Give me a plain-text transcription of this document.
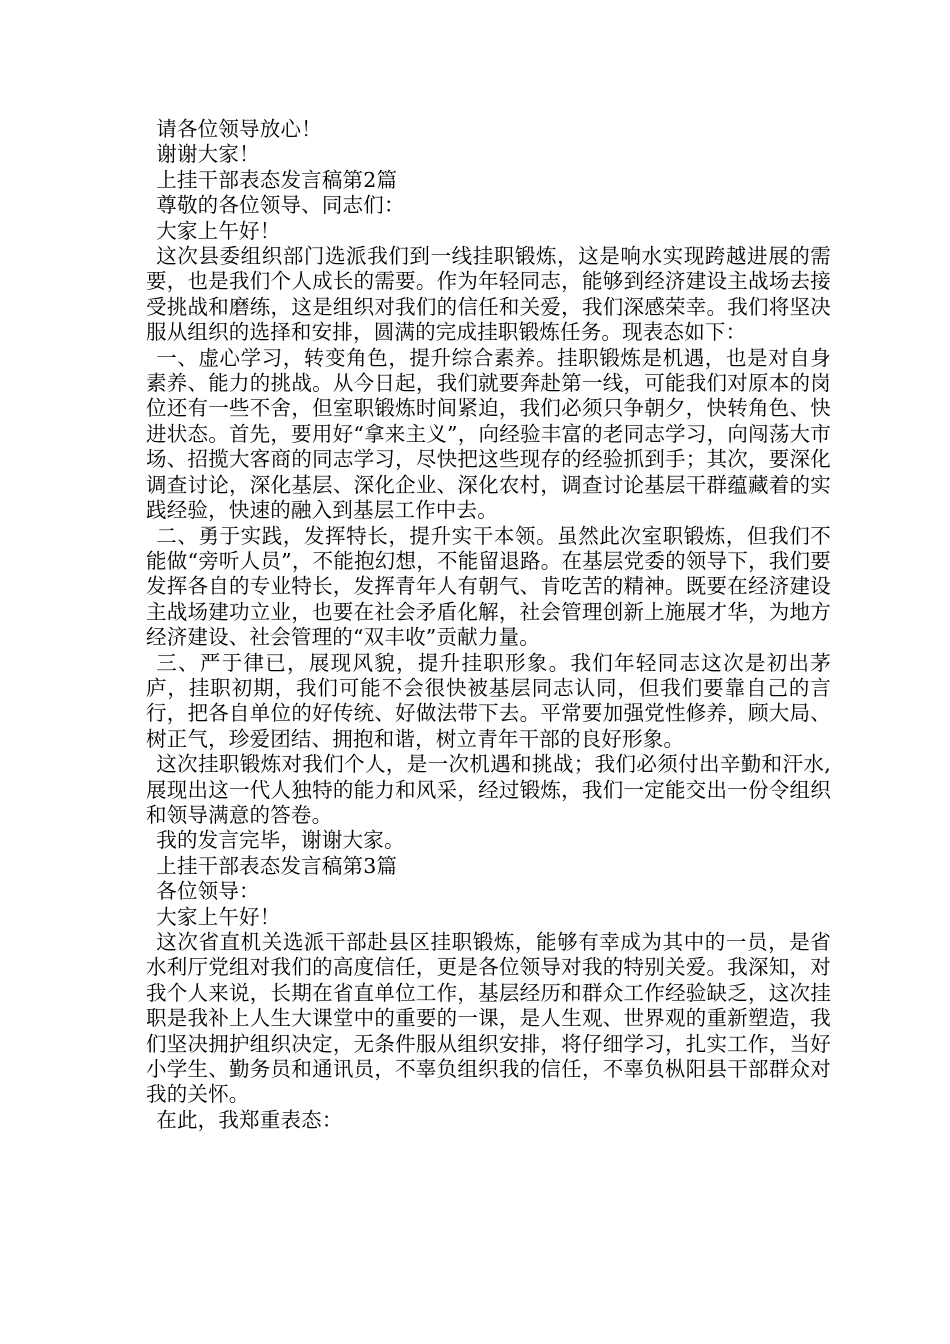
请各位领导放心！

谢谢大家！

上挂干部表态发言稿第2篇

尊敬的各位领导、同志们：

大家上午好！

这次县委组织部门选派我们到一线挂职锻炼，这是响水实现跨越进展的需要，也是我们个人成长的需要。作为年轻同志，能够到经济建设主战场去接受挑战和磨练，这是组织对我们的信任和关爱，我们深感荣幸。我们将坚决服从组织的选择和安排，圆满的完成挂职锻炼任务。现表态如下：

一、虚心学习，转变角色，提升综合素养。挂职锻炼是机遇，也是对自身素养、能力的挑战。从今日起，我们就要奔赴第一线，可能我们对原本的岗位还有一些不舍，但室职锻炼时间紧迫，我们必须只争朝夕，快转角色、快进状态。首先，要用好“拿来主义”，向经验丰富的老同志学习，向闯荡大市场、招揽大客商的同志学习，尽快把这些现存的经验抓到手；其次，要深化调查讨论，深化基层、深化企业、深化农村，调查讨论基层干群蕴藏着的实践经验，快速的融入到基层工作中去。

二、勇于实践，发挥特长，提升实干本领。虽然此次室职锻炼，但我们不能做“旁听人员”，不能抱幻想，不能留退路。在基层党委的领导下，我们要发挥各自的专业特长，发挥青年人有朝气、肯吃苦的精神。既要在经济建设主战场建功立业，也要在社会矛盾化解，社会管理创新上施展才华，为地方经济建设、社会管理的“双丰收”贡献力量。

三、严于律已，展现风貌，提升挂职形象。我们年轻同志这次是初出茅庐，挂职初期，我们可能不会很快被基层同志认同，但我们要靠自己的言行，把各自单位的好传统、好做法带下去。平常要加强党性修养，顾大局、树正气，珍爱团结、拥抱和谐，树立青年干部的良好形象。

这次挂职锻炼对我们个人，是一次机遇和挑战；我们必须付出辛勤和汗水,展现出这一代人独特的能力和风采，经过锻炼，我们一定能交出一份令组织和领导满意的答卷。

我的发言完毕，谢谢大家。

上挂干部表态发言稿第3篇

各位领导：

大家上午好！

这次省直机关选派干部赴县区挂职锻炼，能够有幸成为其中的一员，是省水利厅党组对我们的高度信任，更是各位领导对我的特别关爱。我深知，对我个人来说，长期在省直单位工作，基层经历和群众工作经验缺乏，这次挂职是我补上人生大课堂中的重要的一课，是人生观、世界观的重新塑造，我们坚决拥护组织决定，无条件服从组织安排，将仔细学习，扎实工作，当好小学生、勤务员和通讯员，不辜负组织我的信任，不辜负枞阳县干部群众对我的关怀。

在此，我郑重表态：
